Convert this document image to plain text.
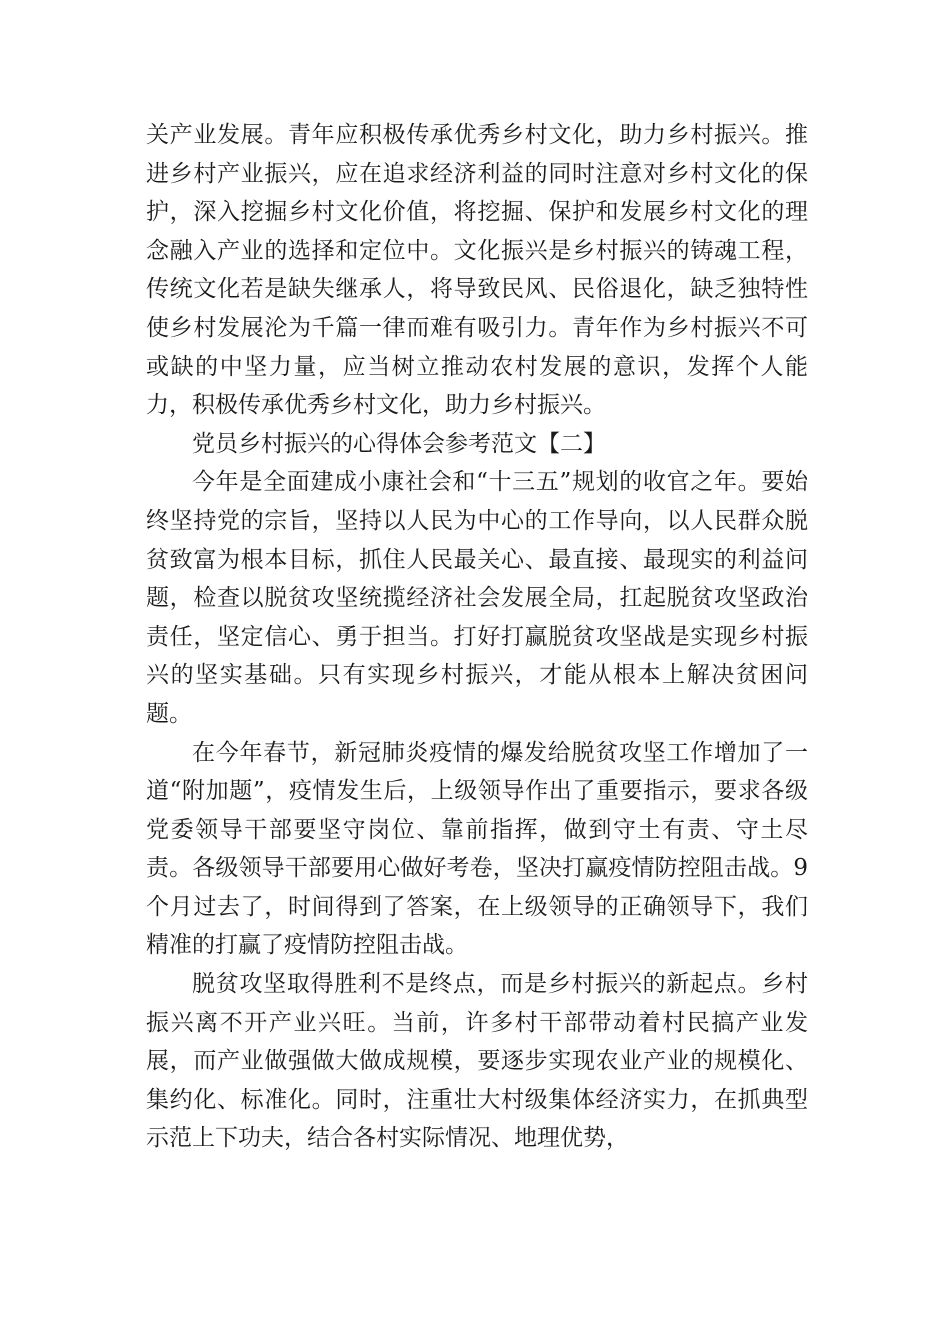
关产业发展。青年应积极传承优秀乡村文化，助力乡村振兴。推进乡村产业振兴，应在追求经济利益的同时注意对乡村文化的保护，深入挖掘乡村文化价值，将挖掘、保护和发展乡村文化的理念融入产业的选择和定位中。文化振兴是乡村振兴的铸魂工程，传统文化若是缺失继承人，将导致民风、民俗退化，缺乏独特性使乡村发展沦为千篇一律而难有吸引力。青年作为乡村振兴不可或缺的中坚力量，应当树立推动农村发展的意识，发挥个人能力，积极传承优秀乡村文化，助力乡村振兴。

党员乡村振兴的心得体会参考范文【二】

今年是全面建成小康社会和“十三五”规划的收官之年。要始终坚持党的宗旨，坚持以人民为中心的工作导向，以人民群众脱贫致富为根本目标，抓住人民最关心、最直接、最现实的利益问题，检查以脱贫攻坚统揽经济社会发展全局，扛起脱贫攻坚政治责任，坚定信心、勇于担当。打好打赢脱贫攻坚战是实现乡村振兴的坚实基础。只有实现乡村振兴，才能从根本上解决贫困问题。

在今年春节，新冠肺炎疫情的爆发给脱贫攻坚工作增加了一道“附加题”，疫情发生后，上级领导作出了重要指示，要求各级党委领导干部要坚守岗位、靠前指挥，做到守土有责、守土尽责。各级领导干部要用心做好考卷，坚决打赢疫情防控阻击战。9个月过去了，时间得到了答案，在上级领导的正确领导下，我们精准的打赢了疫情防控阻击战。

脱贫攻坚取得胜利不是终点，而是乡村振兴的新起点。乡村振兴离不开产业兴旺。当前，许多村干部带动着村民搞产业发展，而产业做强做大做成规模，要逐步实现农业产业的规模化、集约化、标准化。同时，注重壮大村级集体经济实力，在抓典型示范上下功夫，结合各村实际情况、地理优势，
